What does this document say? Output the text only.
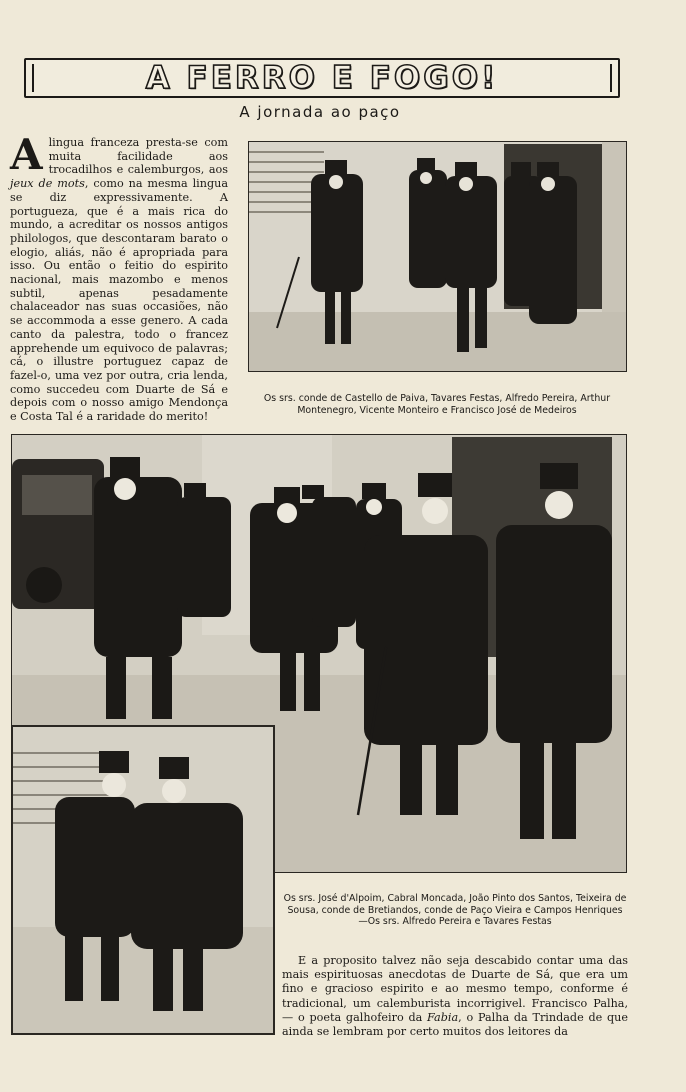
A FERRO E FOGO!
A jornada ao paço
Alingua franceza presta-se com muita facilidade aos trocadilhos e calemburgos, aos jeux de mots, como na mesma lingua se diz expressivamente. A portugueza, que é a mais rica do mundo, a acreditar os nossos antigos philologos, que descontaram barato o elogio, aliás, não é apropriada para isso. Ou então o feitio do espirito nacional, mais mazombo e menos subtil, apenas pesadamente chalaceador nas suas occasiões, não se accommoda a esse genero. A cada canto da palestra, todo o francez apprehende um equivoco de palavras; cá, o illustre portuguez capaz de fazel-o, uma vez por outra, cria lenda, como succedeu com Duarte de Sá e depois com o nosso amigo Mendonça e Costa Tal é a raridade do merito!
Os srs. conde de Castello de Paiva, Tavares Festas, Alfredo Pereira, Arthur Montenegro, Vicente Monteiro e Francisco José de Medeiros
Os srs. José d'Alpoim, Cabral Moncada, João Pinto dos Santos, Teixeira de Sousa, conde de Bretiandos, conde de Paço Vieira e Campos Henriques
—Os srs. Alfredo Pereira e Tavares Festas
E a proposito talvez não seja descabido contar uma das mais espirituosas anecdotas de Duarte de Sá, que era um fino e gracioso espirito e ao mesmo tempo, conforme é tradicional, um calemburista incorrigivel. Francisco Palha, — o poeta galhofeiro da Fabia, o Palha da Trindade de que ainda se lembram por certo muitos dos leitores da
